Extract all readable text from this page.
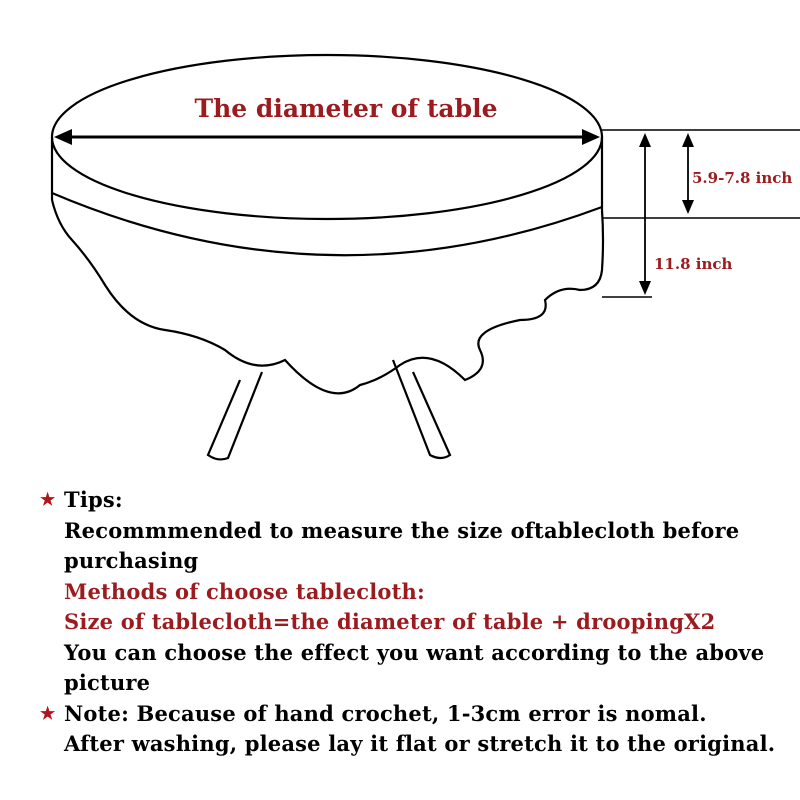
The diameter of table
5.9-7.8 inch
11.8 inch
★ Tips:
Recommmended to measure the size oftablecloth before purchasing
Methods of choose tablecloth:
Size of tablecloth=the diameter of table + droopingX2
You can choose the effect you want according to the above picture
★ Note: Because of hand crochet, 1-3cm error is nomal.
After washing, please lay it flat or stretch it to the original.
